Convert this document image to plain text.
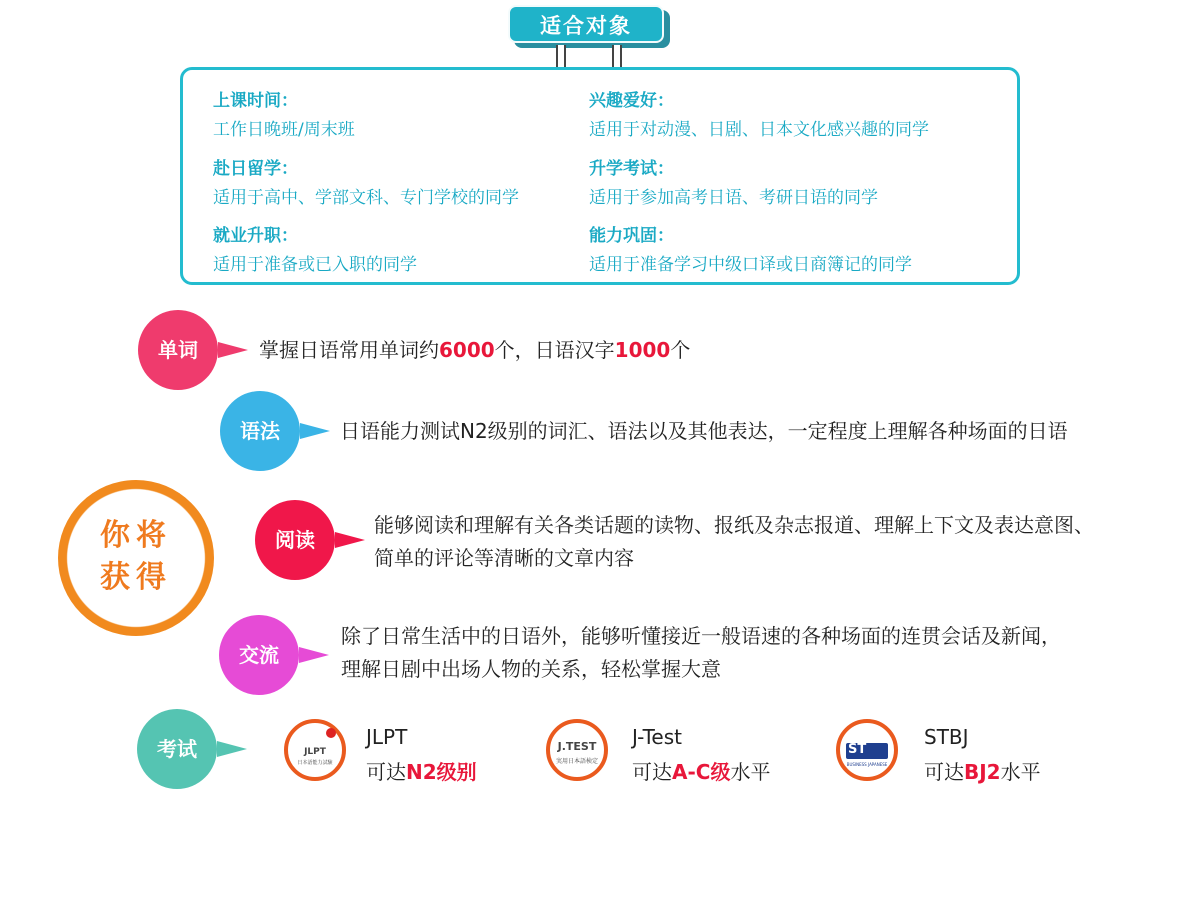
适合对象
上课时间：
工作日晚班/周末班
兴趣爱好：
适用于对动漫、日剧、日本文化感兴趣的同学
赴日留学：
适用于高中、学部文科、专门学校的同学
升学考试：
适用于参加高考日语、考研日语的同学
就业升职：
适用于准备或已入职的同学
能力巩固：
适用于准备学习中级口译或日商簿记的同学
单词	掌握日语常用单词约6000个，日语汉字1000个
语法	日语能力测试N2级别的词汇、语法以及其他表达，一定程度上理解各种场面的日语
你将
获得
阅读
能够阅读和理解有关各类话题的读物、报纸及杂志报道、理解上下文及表达意图、
简单的评论等清晰的文章内容
交流
除了日常生活中的日语外，能够听懂接近一般语速的各种场面的连贯会话及新闻，
理解日剧中出场人物的关系，轻松掌握大意
考试	JLPT
日本語能力試験
JLPT
可达N2级别
J.TEST
実用日本語検定
J-Test
可达A-C级水平
ST
BUSINESS JAPANESE
STBJ
可达BJ2水平
